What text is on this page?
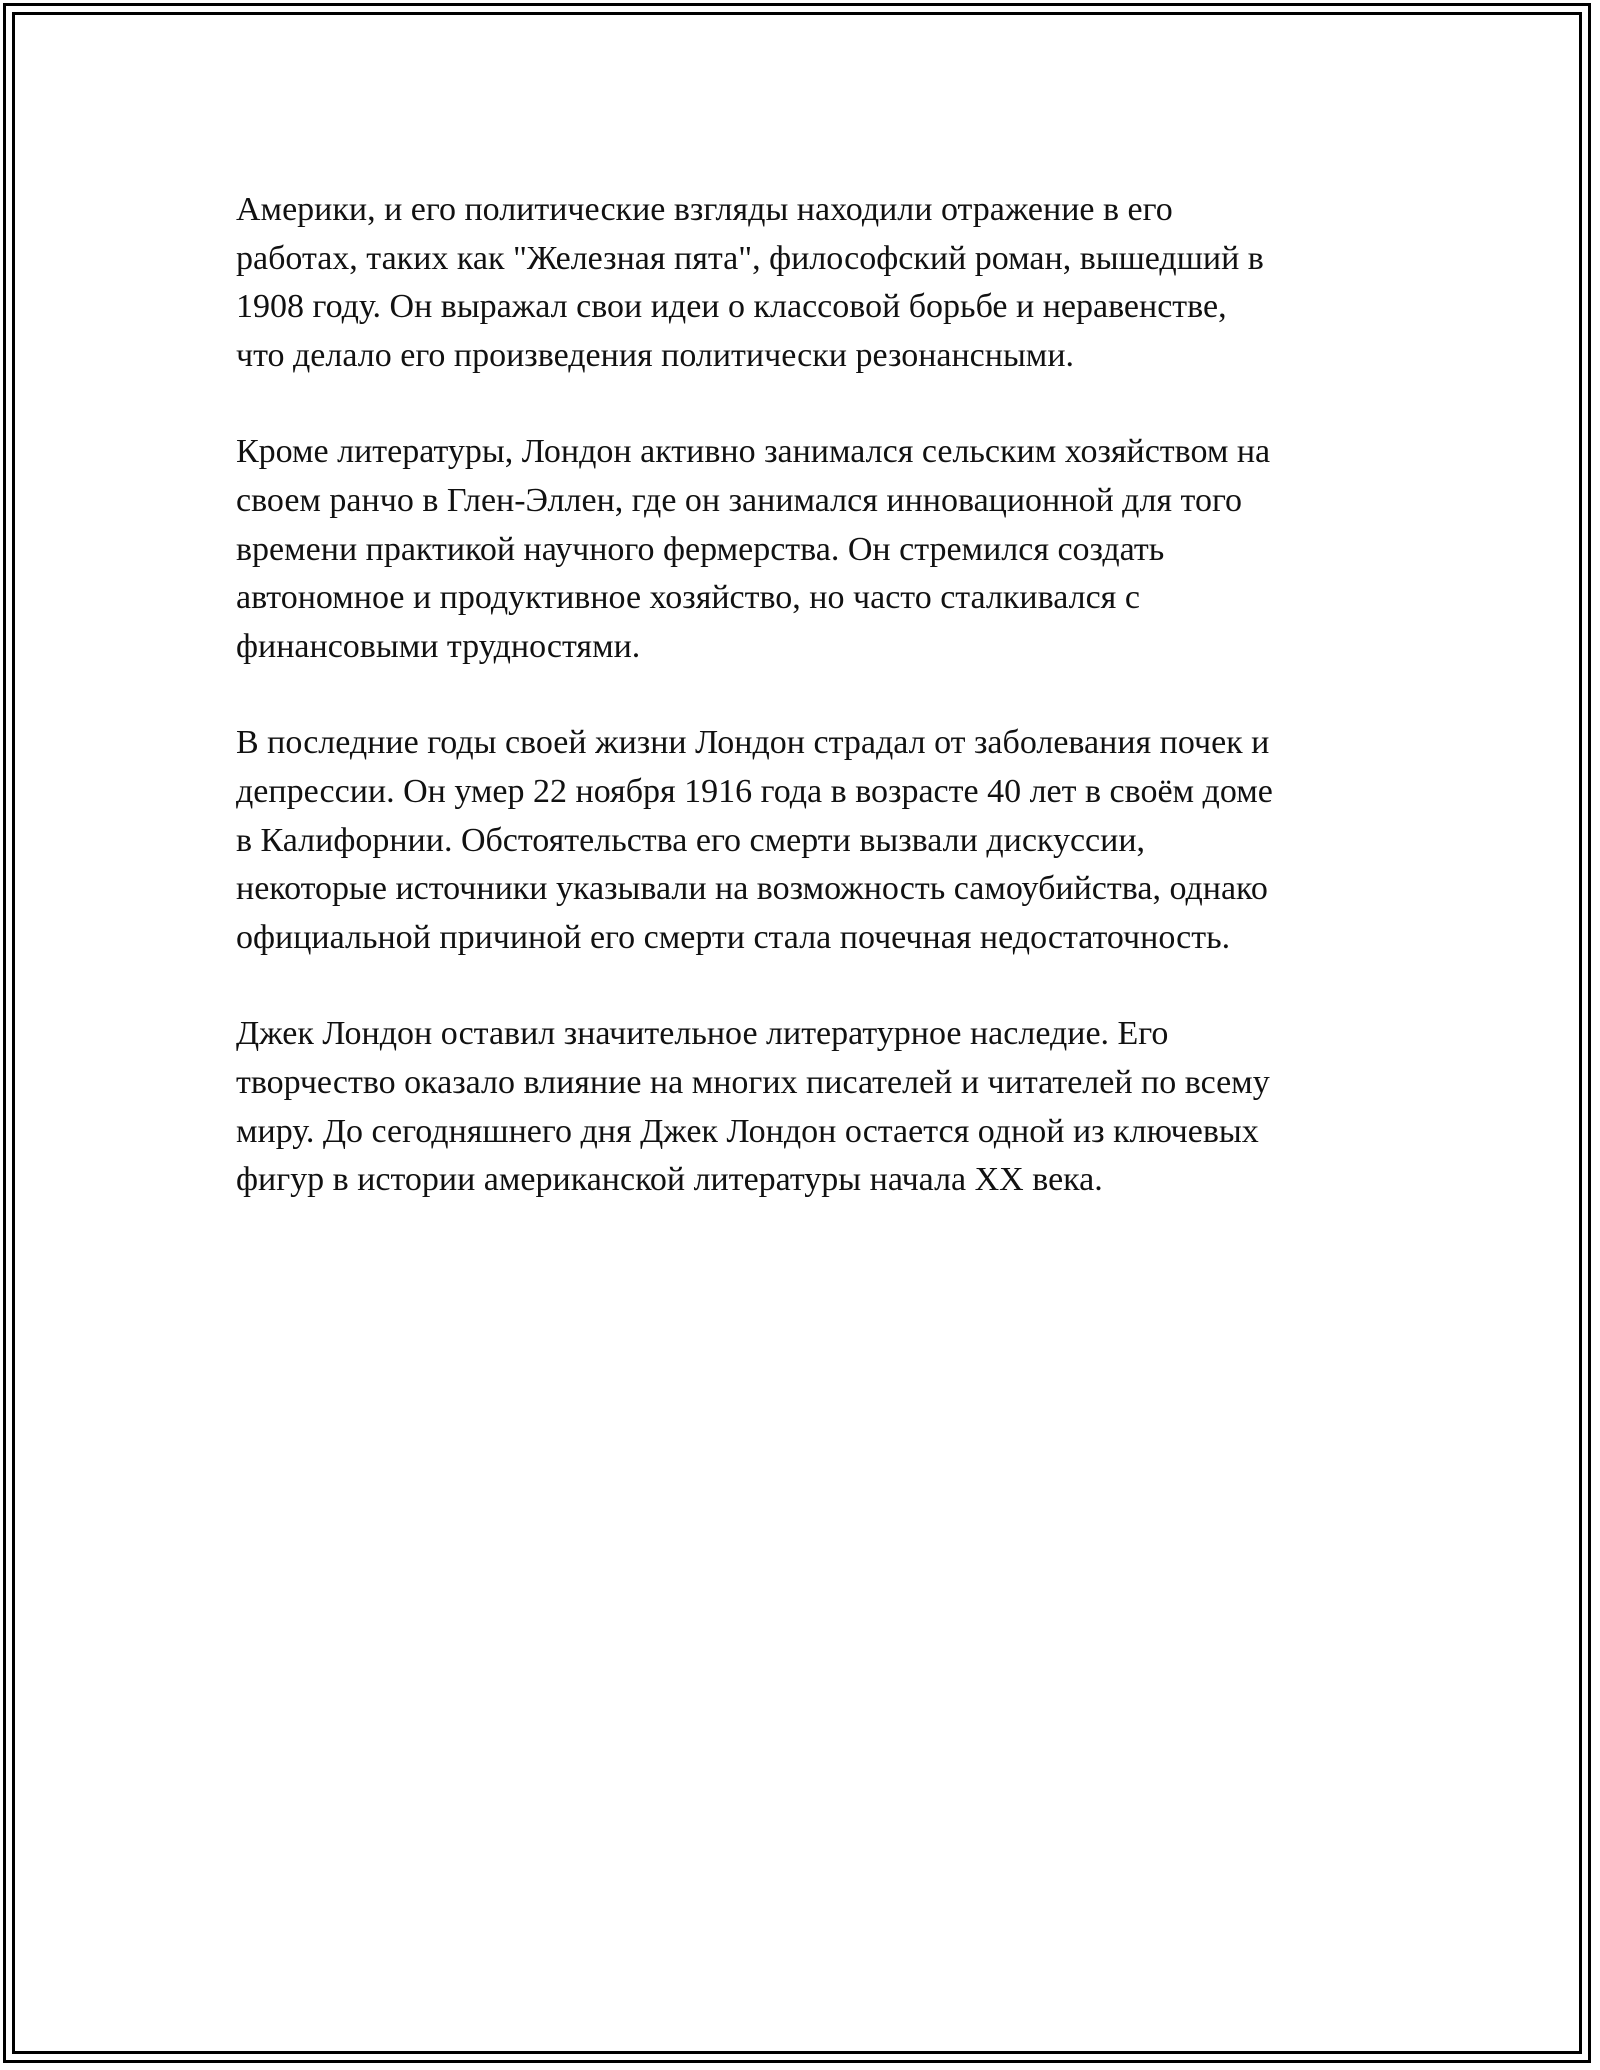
Америки, и его политические взгляды находили отражение в его
работах, таких как "Железная пята", философский роман, вышедший в
1908 году. Он выражал свои идеи о классовой борьбе и неравенстве,
что делало его произведения политически резонансными.

Кроме литературы, Лондон активно занимался сельским хозяйством на
своем ранчо в Глен-Эллен, где он занимался инновационной для того
времени практикой научного фермерства. Он стремился создать
автономное и продуктивное хозяйство, но часто сталкивался с
финансовыми трудностями.

В последние годы своей жизни Лондон страдал от заболевания почек и
депрессии. Он умер 22 ноября 1916 года в возрасте 40 лет в своём доме
в Калифорнии. Обстоятельства его смерти вызвали дискуссии,
некоторые источники указывали на возможность самоубийства, однако
официальной причиной его смерти стала почечная недостаточность.

Джек Лондон оставил значительное литературное наследие. Его
творчество оказало влияние на многих писателей и читателей по всему
миру. До сегодняшнего дня Джек Лондон остается одной из ключевых
фигур в истории американской литературы начала XX века.
